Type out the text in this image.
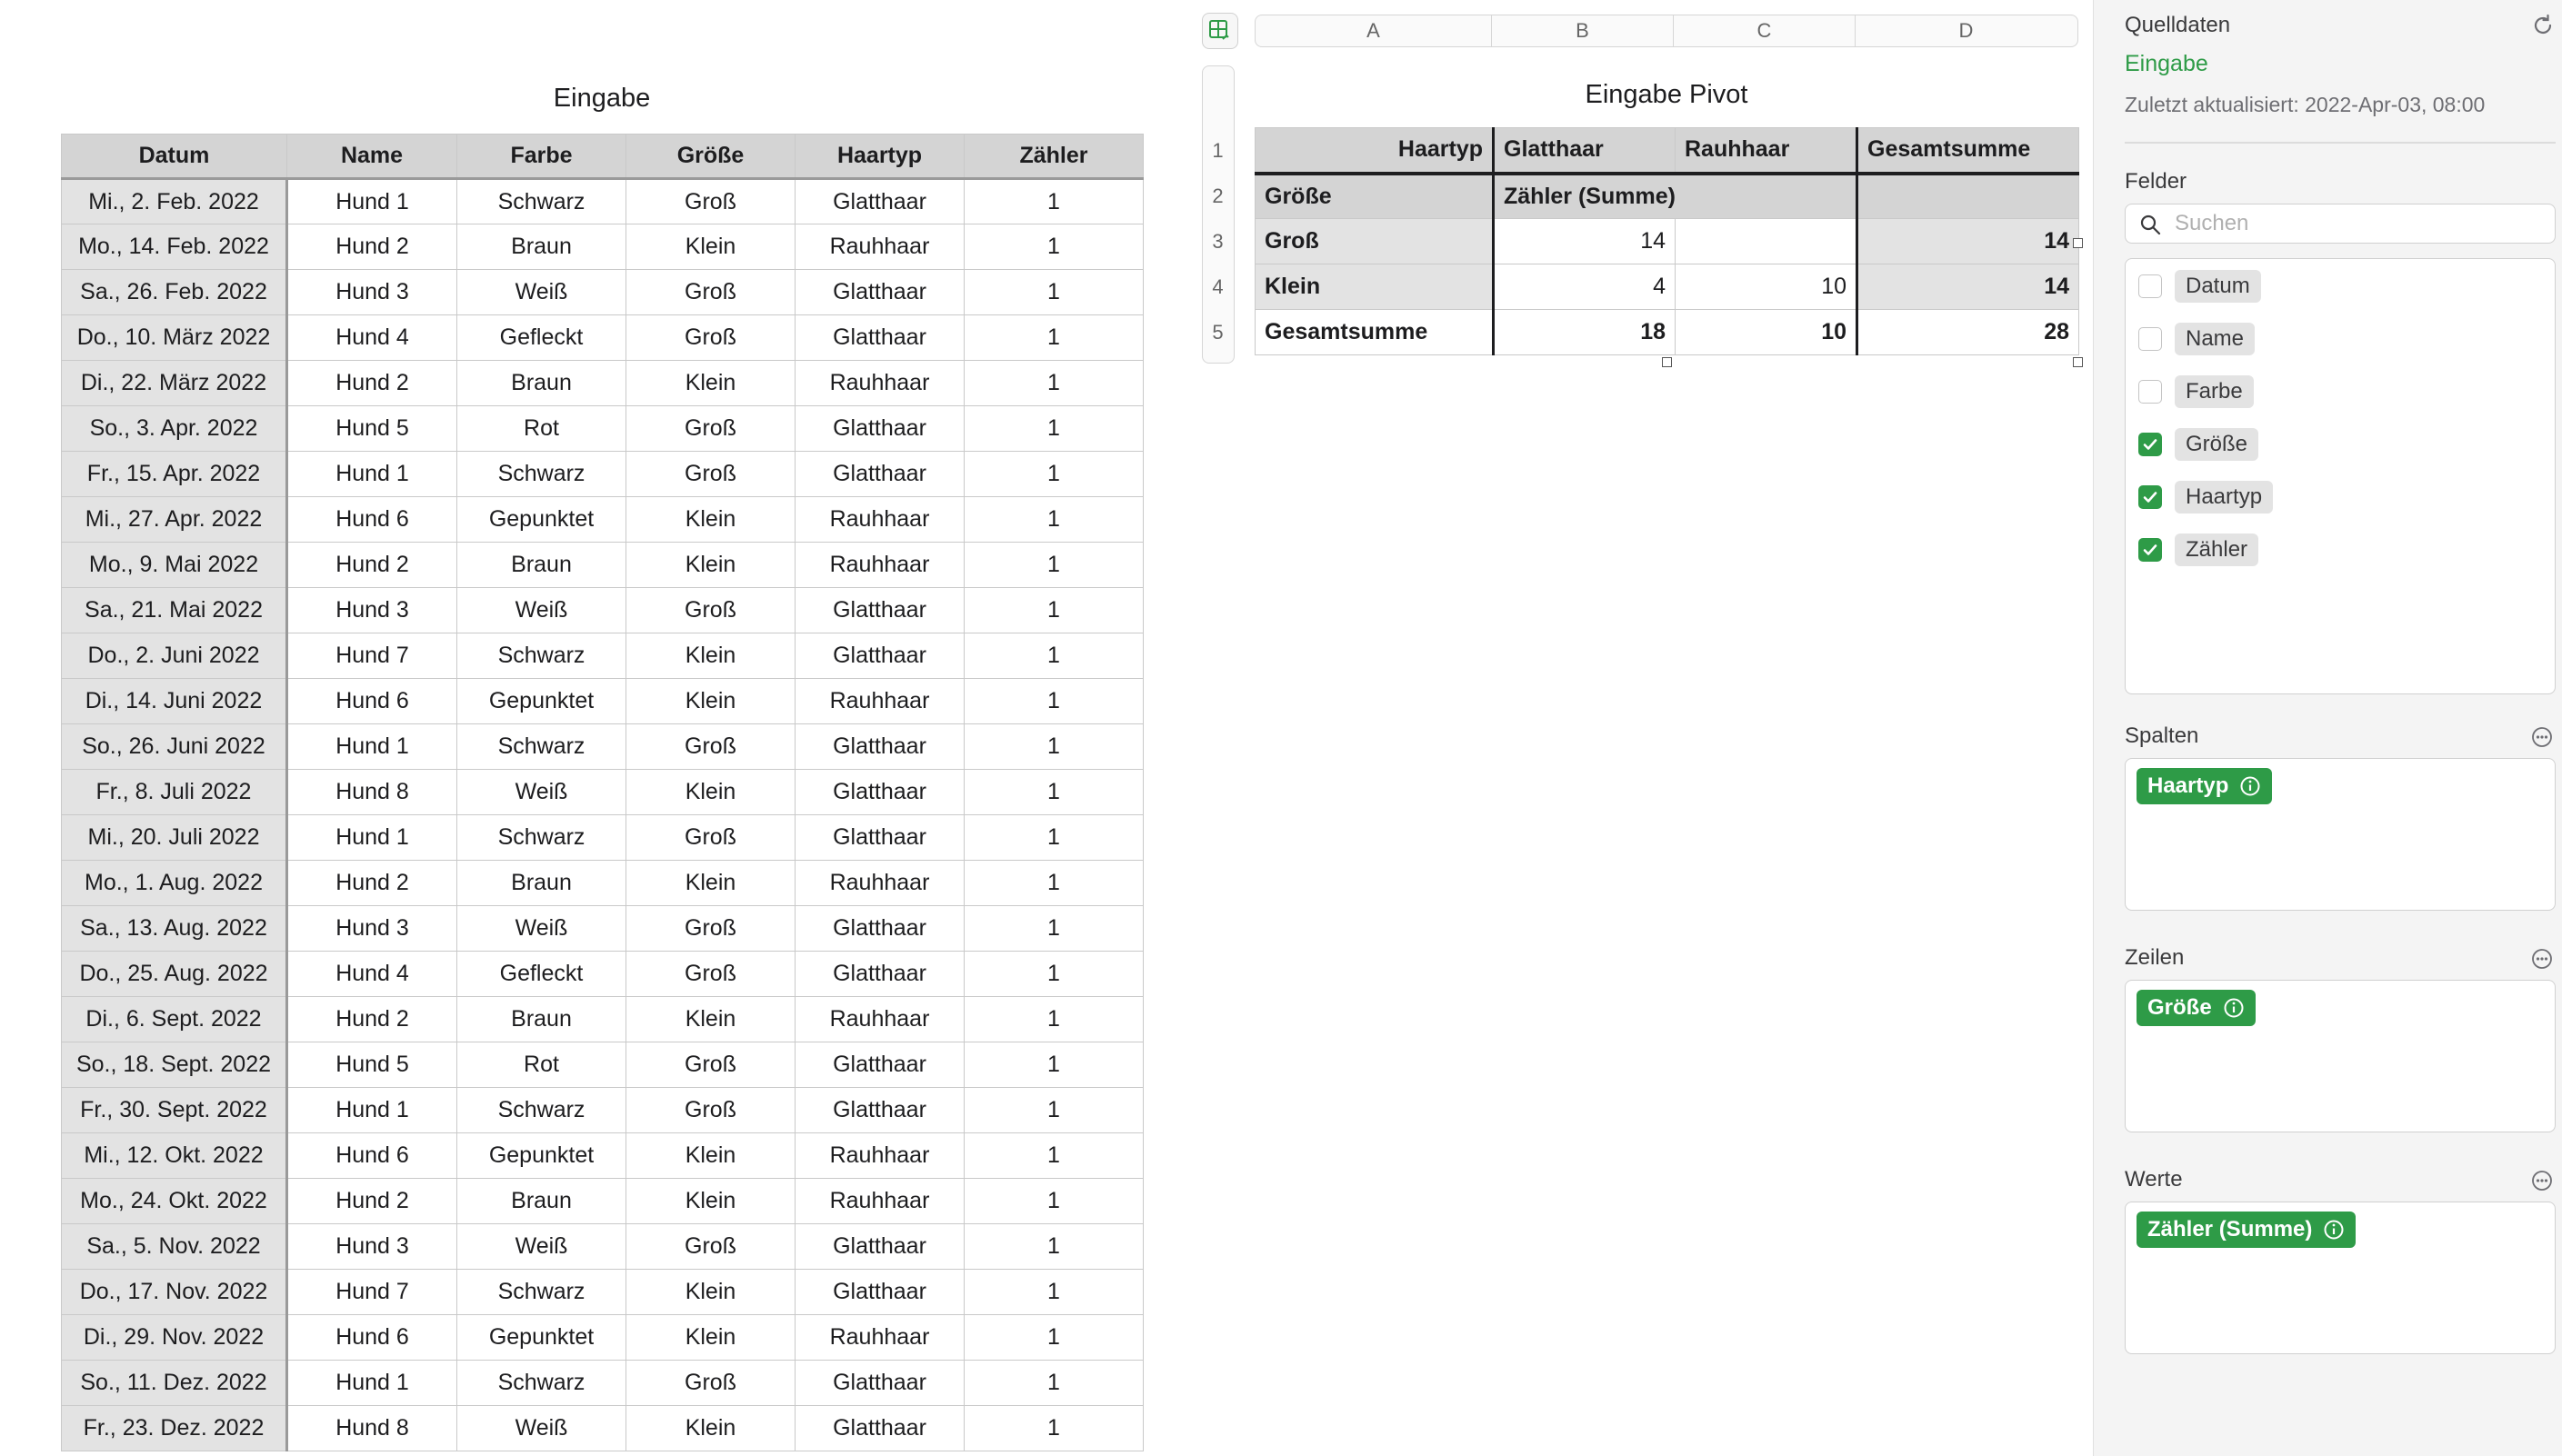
Eingabe
Datum	Name	Farbe	Größe	Haartyp	Zähler
Mi., 2. Feb. 2022	Hund 1	Schwarz	Groß	Glatthaar	1
Mo., 14. Feb. 2022	Hund 2	Braun	Klein	Rauhhaar	1
Sa., 26. Feb. 2022	Hund 3	Weiß	Groß	Glatthaar	1
Do., 10. März 2022	Hund 4	Gefleckt	Groß	Glatthaar	1
Di., 22. März 2022	Hund 2	Braun	Klein	Rauhhaar	1
So., 3. Apr. 2022	Hund 5	Rot	Groß	Glatthaar	1
Fr., 15. Apr. 2022	Hund 1	Schwarz	Groß	Glatthaar	1
Mi., 27. Apr. 2022	Hund 6	Gepunktet	Klein	Rauhhaar	1
Mo., 9. Mai 2022	Hund 2	Braun	Klein	Rauhhaar	1
Sa., 21. Mai 2022	Hund 3	Weiß	Groß	Glatthaar	1
Do., 2. Juni 2022	Hund 7	Schwarz	Klein	Glatthaar	1
Di., 14. Juni 2022	Hund 6	Gepunktet	Klein	Rauhhaar	1
So., 26. Juni 2022	Hund 1	Schwarz	Groß	Glatthaar	1
Fr., 8. Juli 2022	Hund 8	Weiß	Klein	Glatthaar	1
Mi., 20. Juli 2022	Hund 1	Schwarz	Groß	Glatthaar	1
Mo., 1. Aug. 2022	Hund 2	Braun	Klein	Rauhhaar	1
Sa., 13. Aug. 2022	Hund 3	Weiß	Groß	Glatthaar	1
Do., 25. Aug. 2022	Hund 4	Gefleckt	Groß	Glatthaar	1
Di., 6. Sept. 2022	Hund 2	Braun	Klein	Rauhhaar	1
So., 18. Sept. 2022	Hund 5	Rot	Groß	Glatthaar	1
Fr., 30. Sept. 2022	Hund 1	Schwarz	Groß	Glatthaar	1
Mi., 12. Okt. 2022	Hund 6	Gepunktet	Klein	Rauhhaar	1
Mo., 24. Okt. 2022	Hund 2	Braun	Klein	Rauhhaar	1
Sa., 5. Nov. 2022	Hund 3	Weiß	Groß	Glatthaar	1
Do., 17. Nov. 2022	Hund 7	Schwarz	Klein	Glatthaar	1
Di., 29. Nov. 2022	Hund 6	Gepunktet	Klein	Rauhhaar	1
So., 11. Dez. 2022	Hund 1	Schwarz	Groß	Glatthaar	1
Fr., 23. Dez. 2022	Hund 8	Weiß	Klein	Glatthaar	1
A	B	C	D
1
2
3
4
5
Eingabe Pivot
Haartyp	Glatthaar	Rauhhaar	Gesamtsumme
Größe	Zähler (Summe)		
Groß	14		14
Klein	4	10	14
Gesamtsumme	18	10	28
Quelldaten
Eingabe
Zuletzt aktualisiert: 2022-Apr-03, 08:00
Felder
Suchen
Datum
Name
Farbe
Größe
Haartyp
Zähler
Spalten
Haartyp
Zeilen
Größe
Werte
Zähler (Summe)
